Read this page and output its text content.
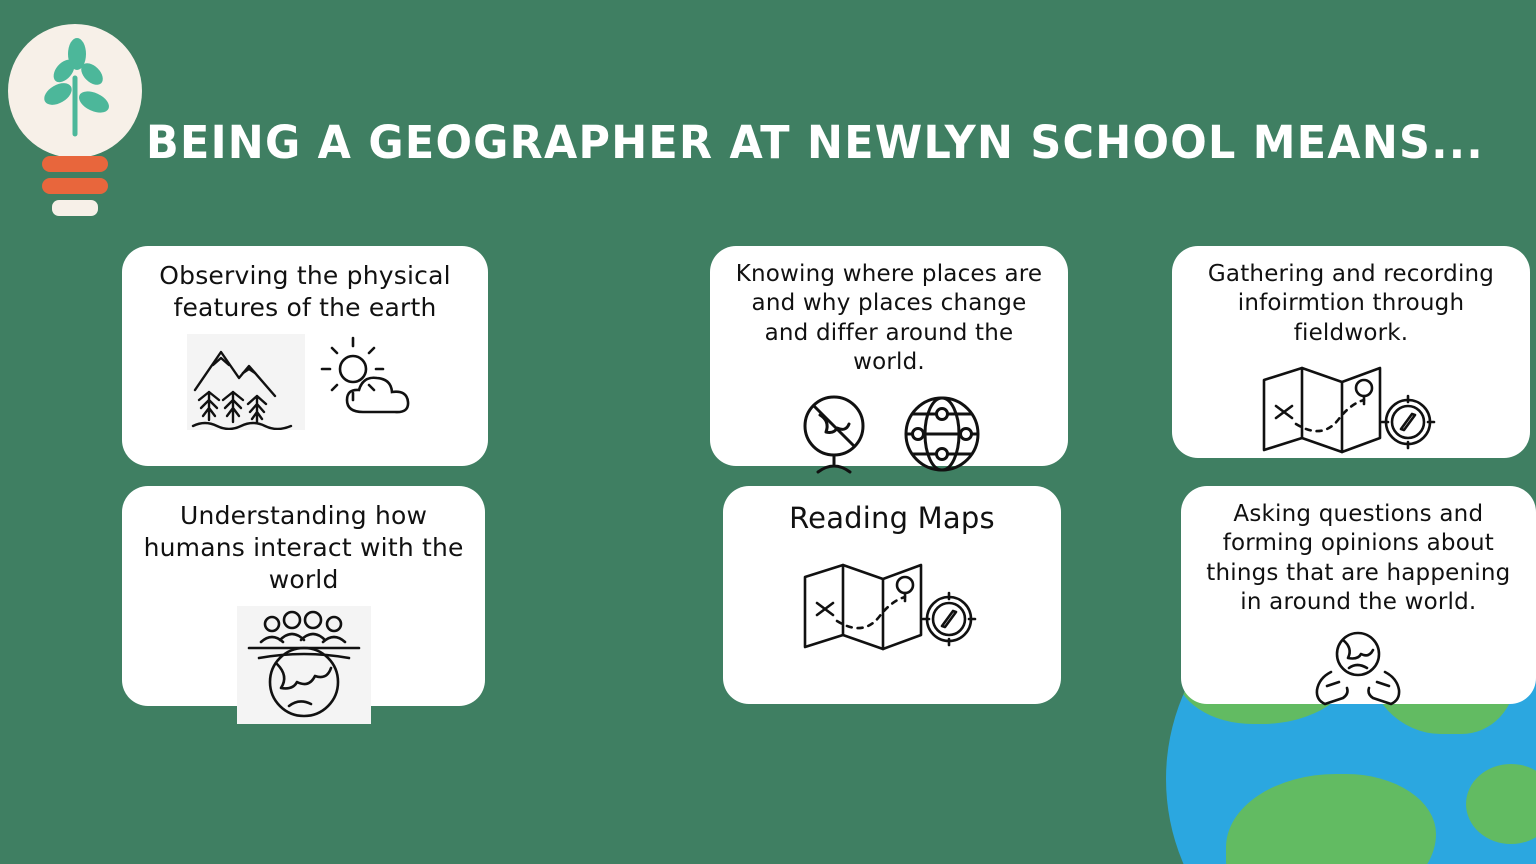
BEING A GEOGRAPHER AT NEWLYN SCHOOL MEANS...
Observing the physical features of the earth
Knowing where places are and why places change and differ around the world.
Gathering and recording infoirmtion through fieldwork.
Understanding how humans interact with the world
Reading Maps	Asking questions and forming opinions about things that are happening in around the world.
